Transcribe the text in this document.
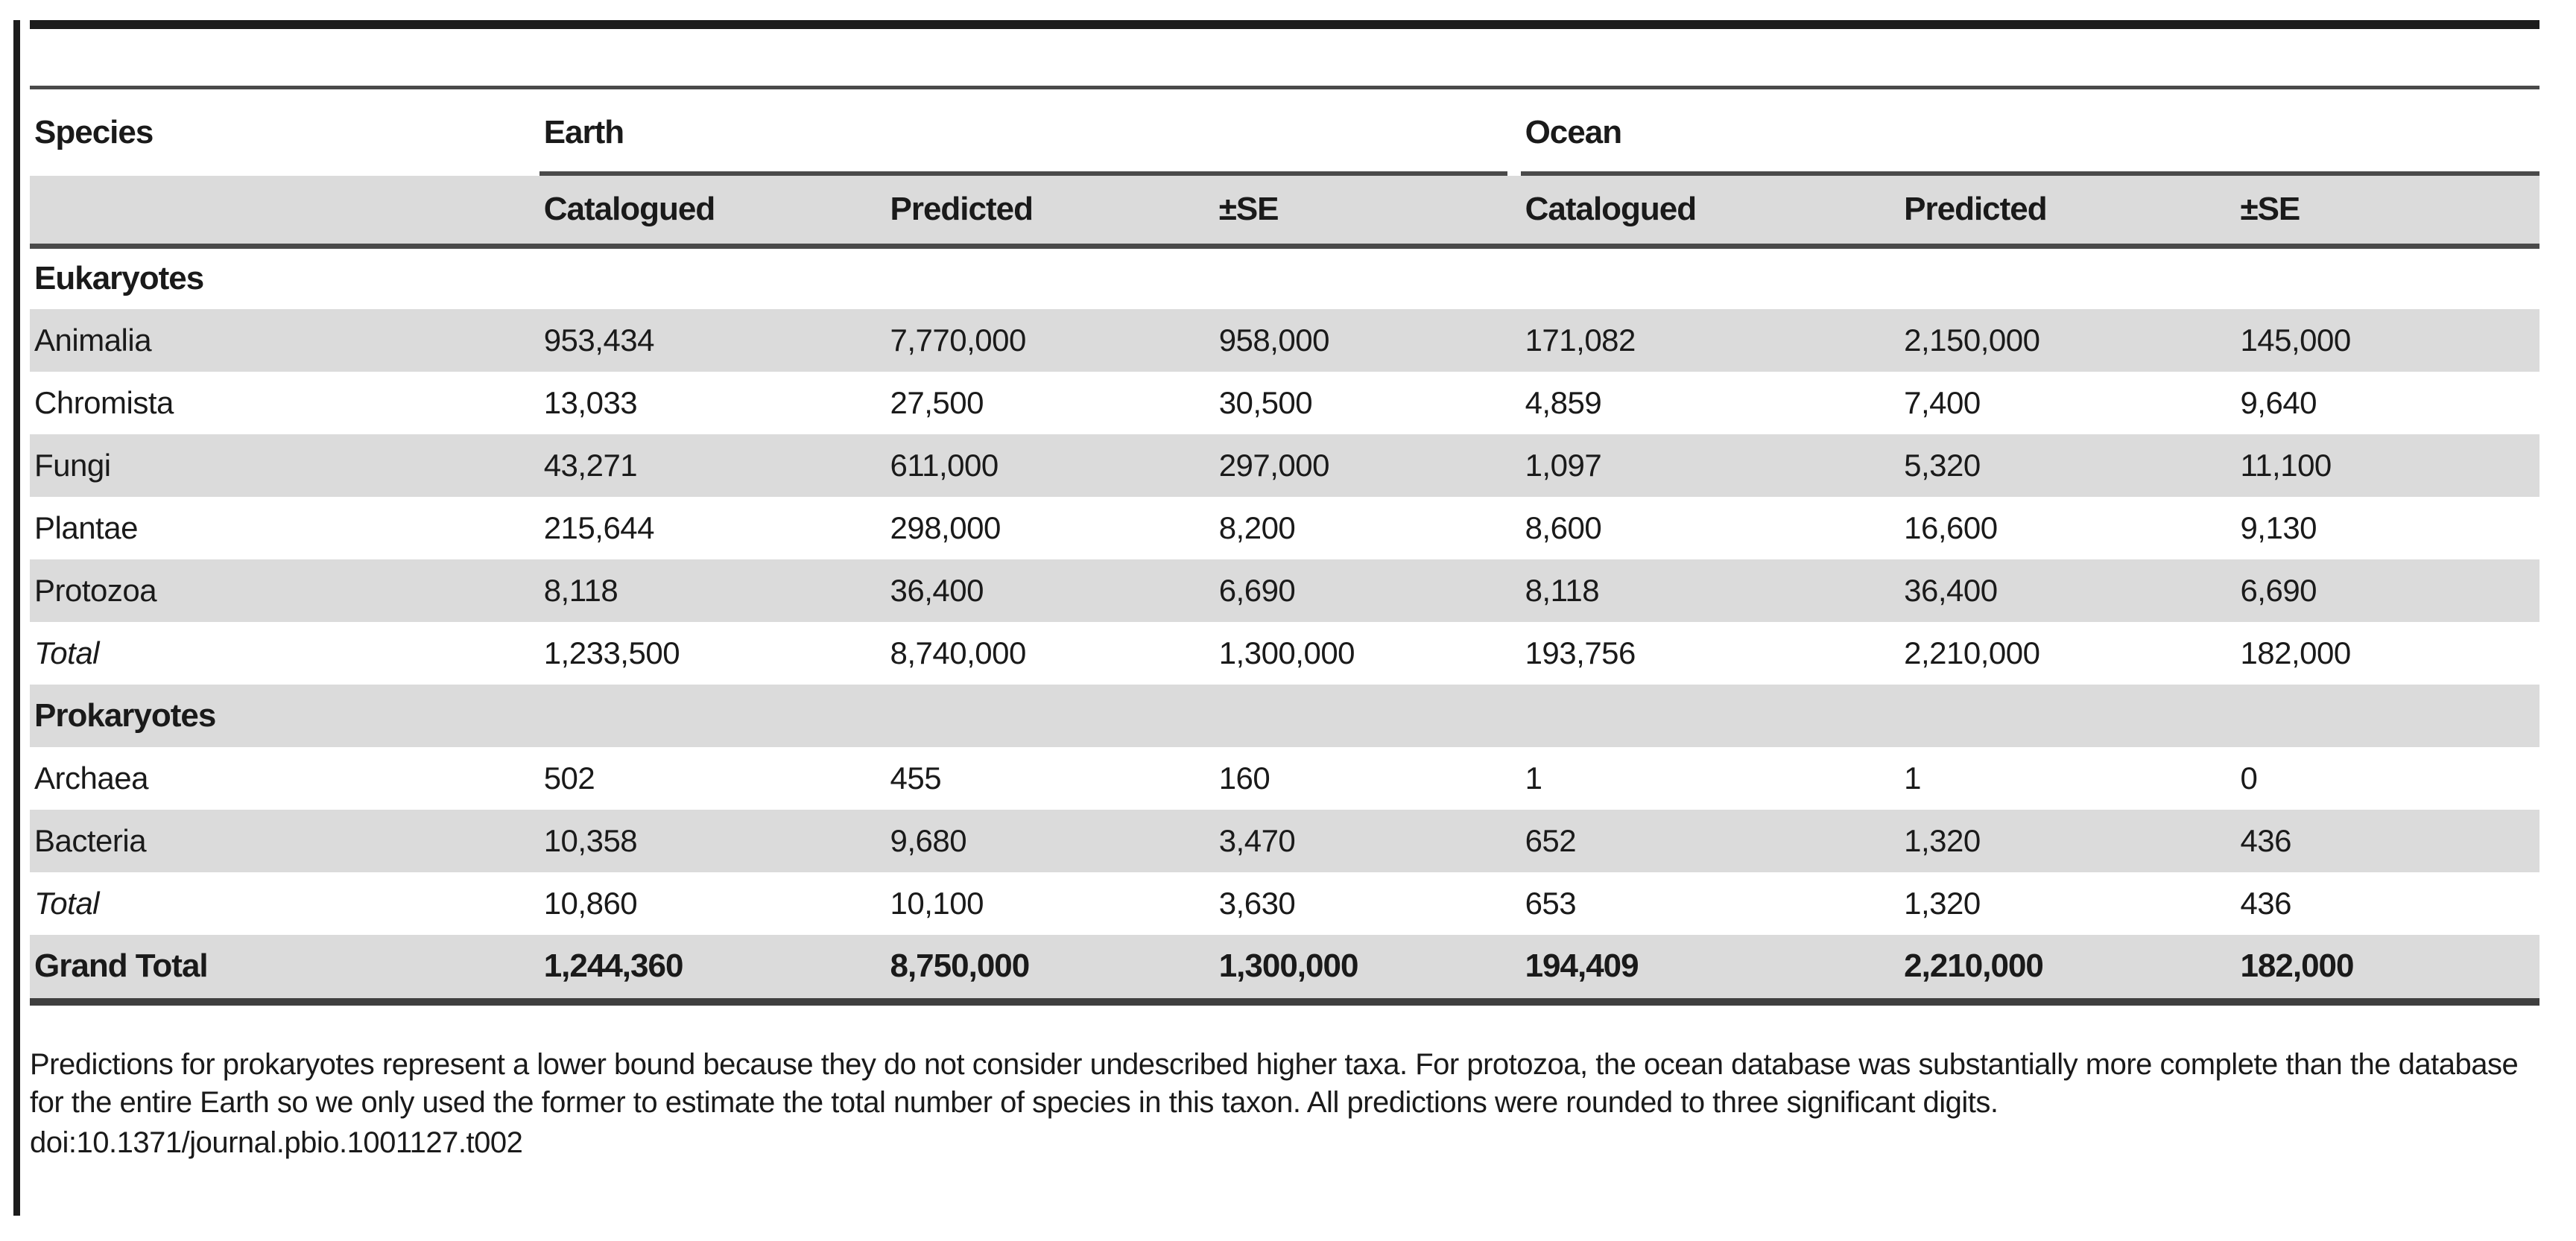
Species	Earth			Ocean		
	Catalogued	Predicted	±SE	Catalogued	Predicted	±SE
Eukaryotes						
Animalia	953,434	7,770,000	958,000	171,082	2,150,000	145,000
Chromista	13,033	27,500	30,500	4,859	7,400	9,640
Fungi	43,271	611,000	297,000	1,097	5,320	11,100
Plantae	215,644	298,000	8,200	8,600	16,600	9,130
Protozoa	8,118	36,400	6,690	8,118	36,400	6,690
Total	1,233,500	8,740,000	1,300,000	193,756	2,210,000	182,000
Prokaryotes						
Archaea	502	455	160	1	1	0
Bacteria	10,358	9,680	3,470	652	1,320	436
Total	10,860	10,100	3,630	653	1,320	436
Grand Total	1,244,360	8,750,000	1,300,000	194,409	2,210,000	182,000

Predictions for prokaryotes represent a lower bound because they do not consider undescribed higher taxa. For protozoa, the ocean database was substantially more complete than the database for the entire Earth so we only used the former to estimate the total number of species in this taxon. All predictions were rounded to three significant digits.

doi:10.1371/journal.pbio.1001127.t002
